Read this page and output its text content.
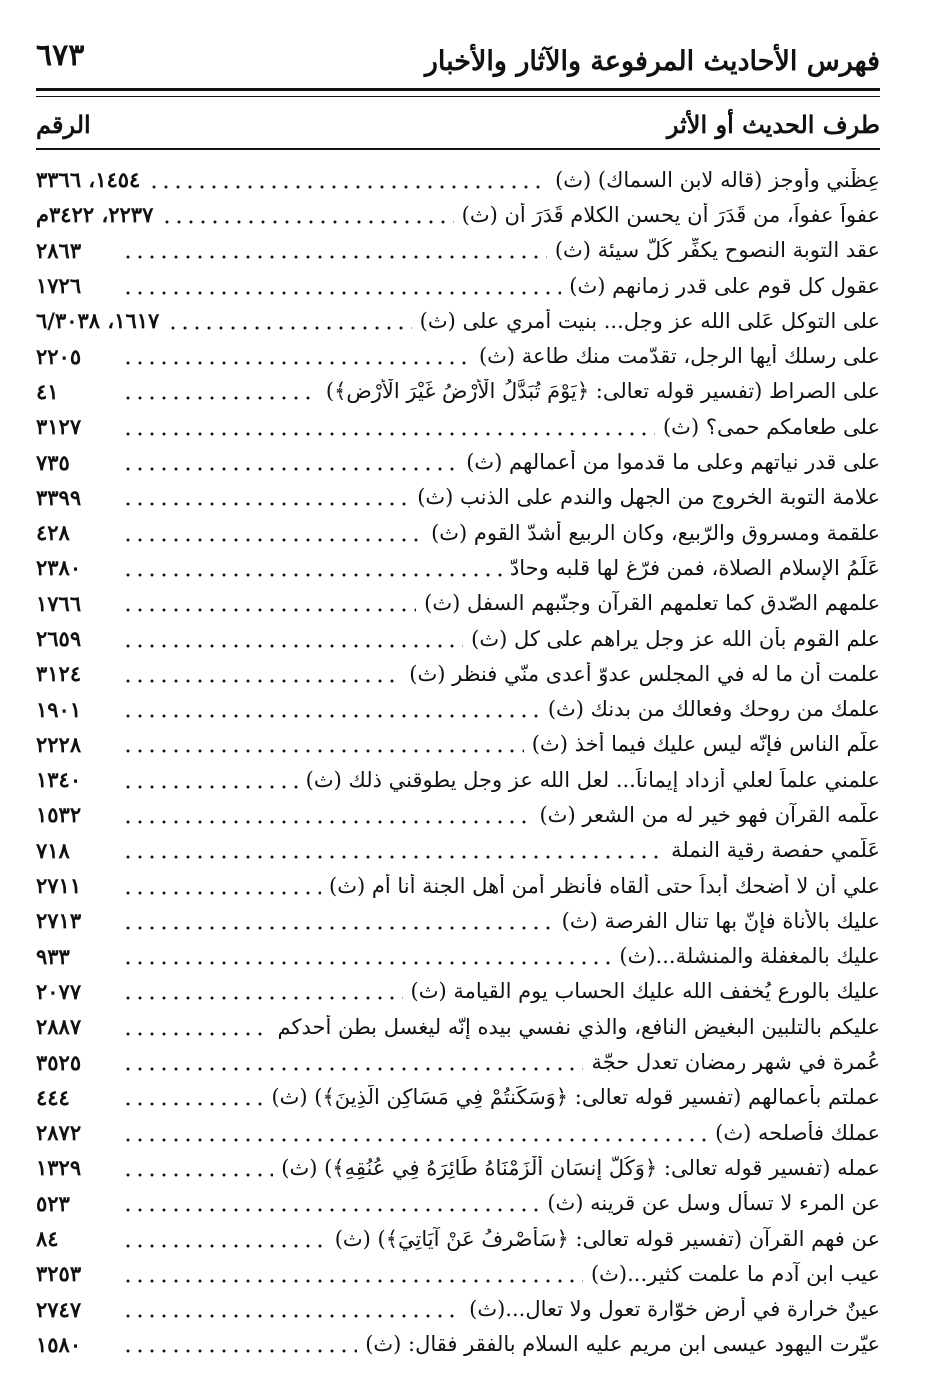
فهرس الأحاديث المرفوعة والآثار والأخبار
٦٧٣
طرف الحديث أو الأثر
الرقم
عِظْني وأوجز (قاله لابن السماك) (ث)
١٤٥٤، ٣٣٦٦
عفواً عفواً، من قَدَرَ أن يحسن الكلام قَدَرَ أن (ث)
٢٢٣٧، ٣٤٢٢م
عقد التوبة النصوح يكفِّر كُلَّ سيئة (ث)
٢٨٦٣
عقول كل قوم على قدر زمانهم (ث)
١٧٢٦
على التوكل عَلى الله عز وجل... بنيت أمري على (ث)
١٦١٧، ٦/٣٠٣٨
على رسلك أيها الرجل، تقدّمت منك طاعة (ث)
٢٢٠٥
على الصراط (تفسير قوله تعالى: ﴿يَوْمَ تُبَدَّلُ الْأَرْضُ غَيْرَ الْأَرْضِ﴾)
٤١
على طعامكم حمى؟ (ث)
٣١٢٧
على قدر نياتهم وعلى ما قدموا من أعمالهم (ث)
٧٣٥
علامة التوبة الخروج من الجهل والندم على الذنب (ث)
٣٣٩٩
علقمة ومسروق والرّبيع، وكان الربيع أشدّ القوم (ث)
٤٢٨
عَلَمُ الإسلام الصلاة، فمن فرّغ لها قلبه وحادّ
٢٣٨٠
علمهم الصّدق كما تعلمهم القرآن وجنّبهم السفل (ث)
١٧٦٦
علم القوم بأن الله عز وجل يراهم على كل (ث)
٢٦٥٩
علمت أن ما له في المجلس عدوّ أعدى منّي فنظر (ث)
٣١٢٤
علمك من روحك وفعالك من بدنك (ث)
١٩٠١
علّم الناس فإنّه ليس عليك فيما أخذ (ث)
٢٢٢٨
علمني علماً لعلي أزداد إيماناً... لعل الله عز وجل يطوقني ذلك (ث)
١٣٤٠
علّمه القرآن فهو خير له من الشعر (ث)
١٥٣٢
عَلّمي حفصة رقية النملة
٧١٨
علي أن لا أضحك أبداً حتى ألقاه فأنظر أمن أهل الجنة أنا أم (ث)
٢٧١١
عليك بالأناة فإنّ بها تنال الفرصة (ث)
٢٧١٣
عليك بالمغفلة والمنشلة...(ث)
٩٣٣
عليك بالورع يُخفف الله عليك الحساب يوم القيامة (ث)
٢٠٧٧
عليكم بالتلبين البغيض النافع، والذي نفسي بيده إنّه ليغسل بطن أحدكم
٢٨٨٧
عُمرة في شهر رمضان تعدل حجّة
٣٥٢٥
عملتم بأعمالهم (تفسير قوله تعالى: ﴿وَسَكَنتُمْ فِي مَسَاكِنِ الَّذِينَ﴾) (ث)
٤٤٤
عملك فأصلحه (ث)
٢٨٧٢
عمله (تفسير قوله تعالى: ﴿وَكُلَّ إِنسَانٍ أَلْزَمْنَاهُ طَائِرَهُ فِي عُنُقِهِ﴾) (ث)
١٣٢٩
عن المرء لا تسأل وسل عن قرينه (ث)
٥٢٣
عن فهم القرآن (تفسير قوله تعالى: ﴿سَأَصْرِفُ عَنْ آيَاتِيَ﴾) (ث)
٨٤
عيب ابن آدم ما علمت كثير...(ث)
٣٢٥٣
عينٌ خرارة في أرض خوّارة تعول ولا تعال...(ث)
٢٧٤٧
عيّرت اليهود عيسى ابن مريم عليه السلام بالفقر فقال: (ث)
١٥٨٠
